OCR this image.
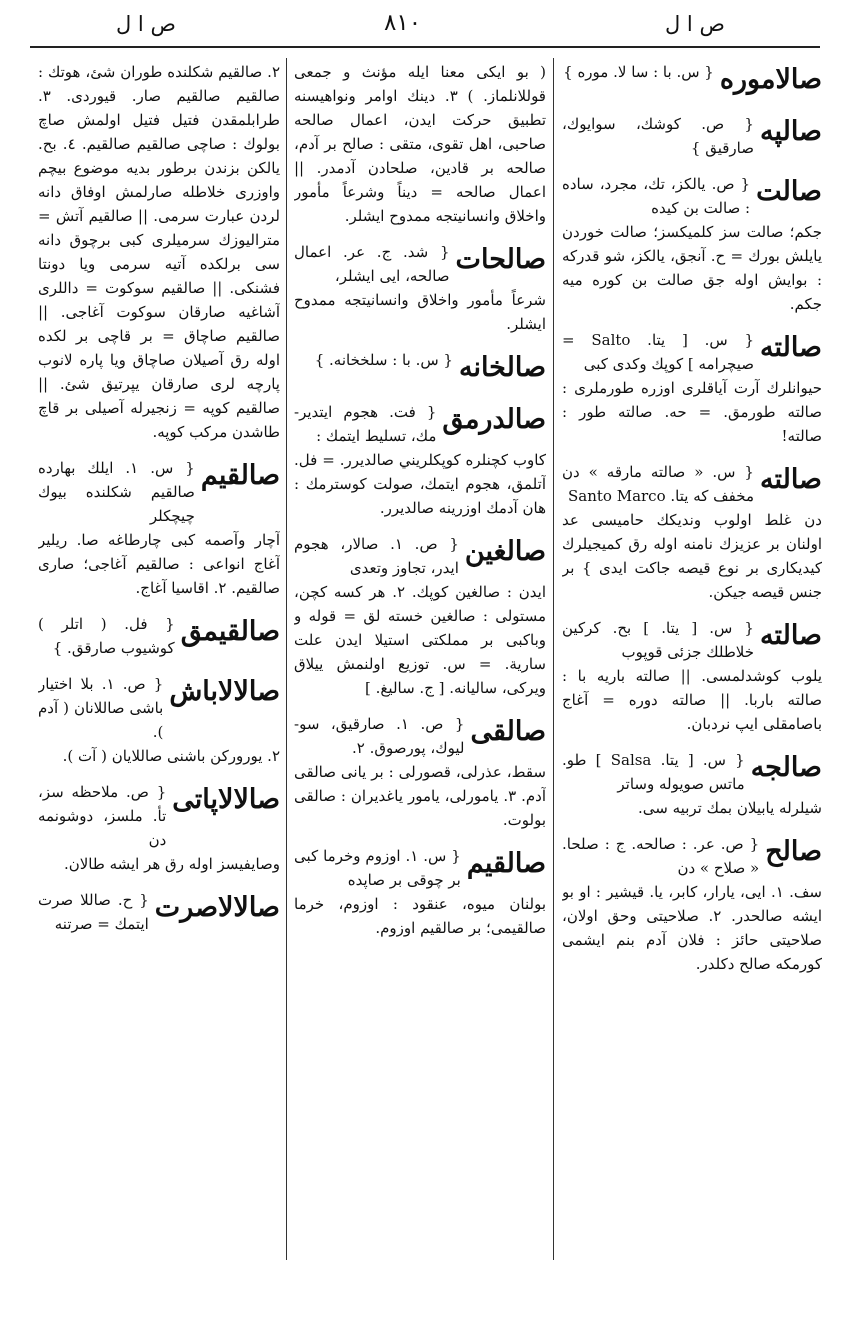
ص ا ل	۸۱۰	ص ا ل
صالاموره
{ س. با : سا لا. موره }
صالپه
{ ص. كوشك، سوايوك، صارقيق }
صالت
{ ص. يالكز، تك، مجرد، ساده : صالت بن كيده
جكم؛ صالت سز كلميكسز؛ صالت خوردن يايلش بورك = ح. آنجق، يالكز، شو قدركه : بوايش اوله جق صالت بن كوره ميه جكم.
صالته
{ س. [ يتا. Salto = صيچرامه ] كوپك وكدى كبى
حيوانلرك آرت آياقلرى اوزره طورملرى : صالته طورمق. = حه. صالته طور : صالته!
صالته
{ س. « صالته مارقه » دن مخفف كه يتا. Santo Marco
دن غلط اولوب ونديكك حاميسى عد اولنان بر عزيزك نامنه اوله رق كميجيلرك كيديكارى بر نوع قيصه جاكت ايدى } بر جنس قيصه جيكن.
صالته
{ س. [ يتا. ] بح. كركين خلاطلك جزئى قوپوب
يلوب كوشدلمسى. || صالته باريه با : صالته باربا. || صالته دوره = آغاج باصامقلى ايپ نردبان.
صالجه
{ س. [ يتا. Salsa ] طو. ماتس صويوله وساتر
شيلرله يابيلان بمك تربيه سى.
صالح
{ ص. عر. : صالحه. ج : صلحا. « صلاح » دن
سف. ١. ايى، يارار، كابر، يا. قيشير : او بو ايشه صالحدر. ٢. صلاحيتى وحق اولان، صلاحيتى حائز : فلان آدم بنم ايشمى كورمكه صالح دكلدر.
( بو ايكى معنا ايله مؤنث و جمعى قوللانلماز. ) ٣. دينك اوامر ونواهيسنه تطبيق حركت ايدن، اعمال صالحه صاحبى، اهل تقوى، متقى : صالح بر آدم، صالحه بر قادين، صلحادن آدمدر. || اعمال صالحه = ديناً وشرعاً مأمور واخلاق وانسانيتجه ممدوح ايشلر.
صالحات
{ شد. ج. عر. اعمال صالحه، ايى ايشلر،
شرعاً مأمور واخلاق وانسانيتجه ممدوح ايشلر.
صالخانه
{ س. با : سلخخانه. }
صالدرمق
{ فت. هجوم ايتدير- مك، تسليط ايتمك :
كاوب كچنلره كوپكلريني صالديرر. = فل. آتلمق، هجوم ايتمك، صولت كوسترمك : هان آدمك اوزرينه صالديرر.
صالغين
{ ص. ١. صالار، هجوم ايدر، تجاوز وتعدى
ايدن : صالغين كوپك. ٢. هر كسه كچن، مستولى : صالغين خسته لق = قوله و وباكبى بر مملكتى استيلا ايدن علت سارية. = س. توزيع اولنمش ييلاق ويركى، ساليانه. [ ج. ساليغ. ]
صالقى
{ ص. ١. صارقيق، سو- ليوك، پورصوق. ٢.
سقط، عذرلى، قصورلى : بر يانى صالقى آدم. ٣. يامورلى، يامور ياغديران : صالقى بولوت.
صالقيم
{ س. ١. اوزوم وخرما كبى بر چوقى بر صاپده
بولنان ميوه، عنقود : اوزوم، خرما صالقيمى؛ بر صالقيم اوزوم.
٢. صالقيم شكلنده طوران شئ، هوتك : صالقيم صالقيم صار. قيوردى. ٣. طرابلمقدن فتيل فتيل اولمش صاچ بولوك : صاچى صالقيم صالقيم. ٤. بح. يالكن بزندن برطور بديه موضوع بيچم واوزرى خلاطله صارلمش اوفاق دانه لردن عبارت سرمى. || صالقيم آتش = متراليوزك سرميلرى كبى برچوق دانه سى برلكده آتيه سرمى ويا دونتا فشنكى. || صالقيم سوكوت = داللرى آشاغيه صارقان سوكوت آغاجى. || صالقيم صاچاق = بر قاچى بر لكده اوله رق آصيلان صاچاق ويا پاره لانوب پارچه لرى صارقان يپرتيق شئ. || صالقيم كوپه = زنجيرله آصيلى بر قاچ طاشدن مركب كوپه.
صالقيم
{ س. ١. ايلك بهارده صالقيم شكلنده بيوك چيچكلر
آچار وآصمه كبى چارطاغه صا. ريلير آغاج انواعى : صالقيم آغاجى؛ صارى صالقيم. ٢. اقاسيا آغاج.
صالقيمق
{ فل. ( اتلر ) كوشيوب صارقق. }
صالالاباش
{ ص. ١. بلا اختيار باشى صاللانان ( آدم ).
٢. يوروركن باشنى صاللايان ( آت ).
صالالاپاتى
{ ص. ملاحظه سز، تأ. ملسز، دوشونمه دن
وصايفيسز اوله رق هر ايشه طالان.
صالالاصرت
{ ح. صاللا صرت ايتمك = صرتنه
